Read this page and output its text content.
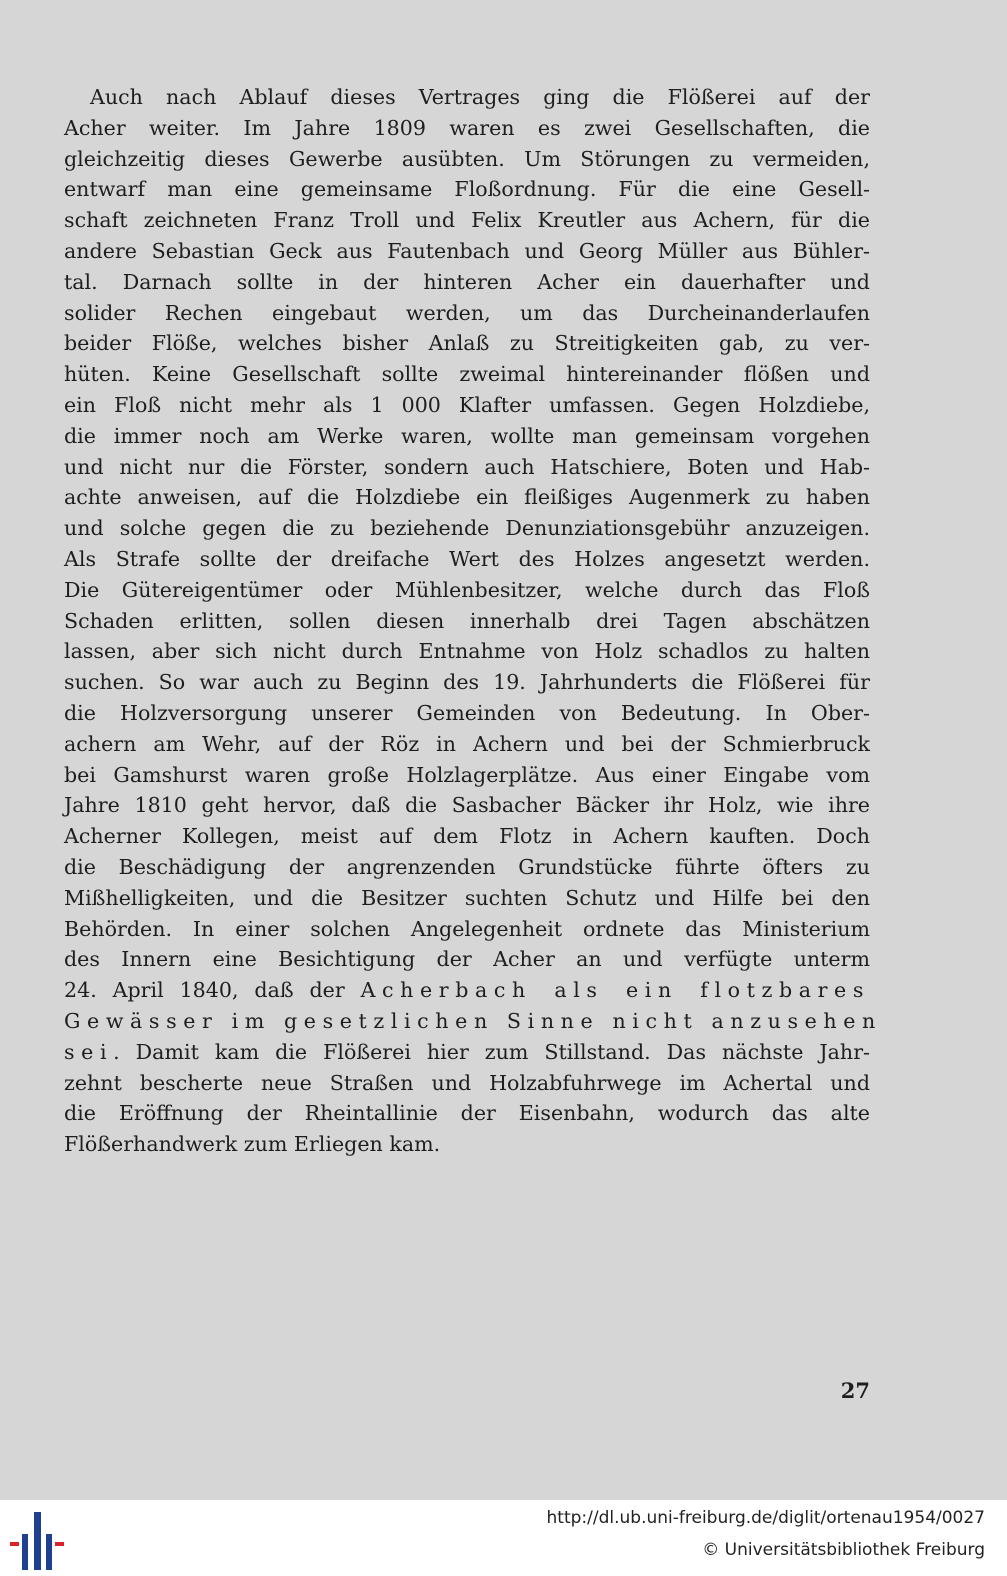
Auch nach Ablauf dieses Vertrages ging die Flößerei auf der
Acher weiter. Im Jahre 1809 waren es zwei Gesellschaften, die
gleichzeitig dieses Gewerbe ausübten. Um Störungen zu vermeiden,
entwarf man eine gemeinsame Floßordnung. Für die eine Gesell-
schaft zeichneten Franz Troll und Felix Kreutler aus Achern, für die
andere Sebastian Geck aus Fautenbach und Georg Müller aus Bühler-
tal. Darnach sollte in der hinteren Acher ein dauerhafter und
solider Rechen eingebaut werden, um das Durcheinanderlaufen
beider Flöße, welches bisher Anlaß zu Streitigkeiten gab, zu ver-
hüten. Keine Gesellschaft sollte zweimal hintereinander flößen und
ein Floß nicht mehr als 1 000 Klafter umfassen. Gegen Holzdiebe,
die immer noch am Werke waren, wollte man gemeinsam vorgehen
und nicht nur die Förster, sondern auch Hatschiere, Boten und Hab-
achte anweisen, auf die Holzdiebe ein fleißiges Augenmerk zu haben
und solche gegen die zu beziehende Denunziationsgebühr anzuzeigen.
Als Strafe sollte der dreifache Wert des Holzes angesetzt werden.
Die Gütereigentümer oder Mühlenbesitzer, welche durch das Floß
Schaden erlitten, sollen diesen innerhalb drei Tagen abschätzen
lassen, aber sich nicht durch Entnahme von Holz schadlos zu halten
suchen. So war auch zu Beginn des 19. Jahrhunderts die Flößerei für
die Holzversorgung unserer Gemeinden von Bedeutung. In Ober-
achern am Wehr, auf der Röz in Achern und bei der Schmierbruck
bei Gamshurst waren große Holzlagerplätze. Aus einer Eingabe vom
Jahre 1810 geht hervor, daß die Sasbacher Bäcker ihr Holz, wie ihre
Acherner Kollegen, meist auf dem Flotz in Achern kauften. Doch
die Beschädigung der angrenzenden Grundstücke führte öfters zu
Mißhelligkeiten, und die Besitzer suchten Schutz und Hilfe bei den
Behörden. In einer solchen Angelegenheit ordnete das Ministerium
des Innern eine Besichtigung der Acher an und verfügte unterm
24. April 1840, daß der Acherbach als ein flotzbares
Gewässer im gesetzlichen Sinne nicht anzusehen
sei. Damit kam die Flößerei hier zum Stillstand. Das nächste Jahr-
zehnt bescherte neue Straßen und Holzabfuhrwege im Achertal und
die Eröffnung der Rheintallinie der Eisenbahn, wodurch das alte
Flößerhandwerk zum Erliegen kam.
27
http://dl.ub.uni-freiburg.de/diglit/ortenau1954/0027
© Universitätsbibliothek Freiburg
